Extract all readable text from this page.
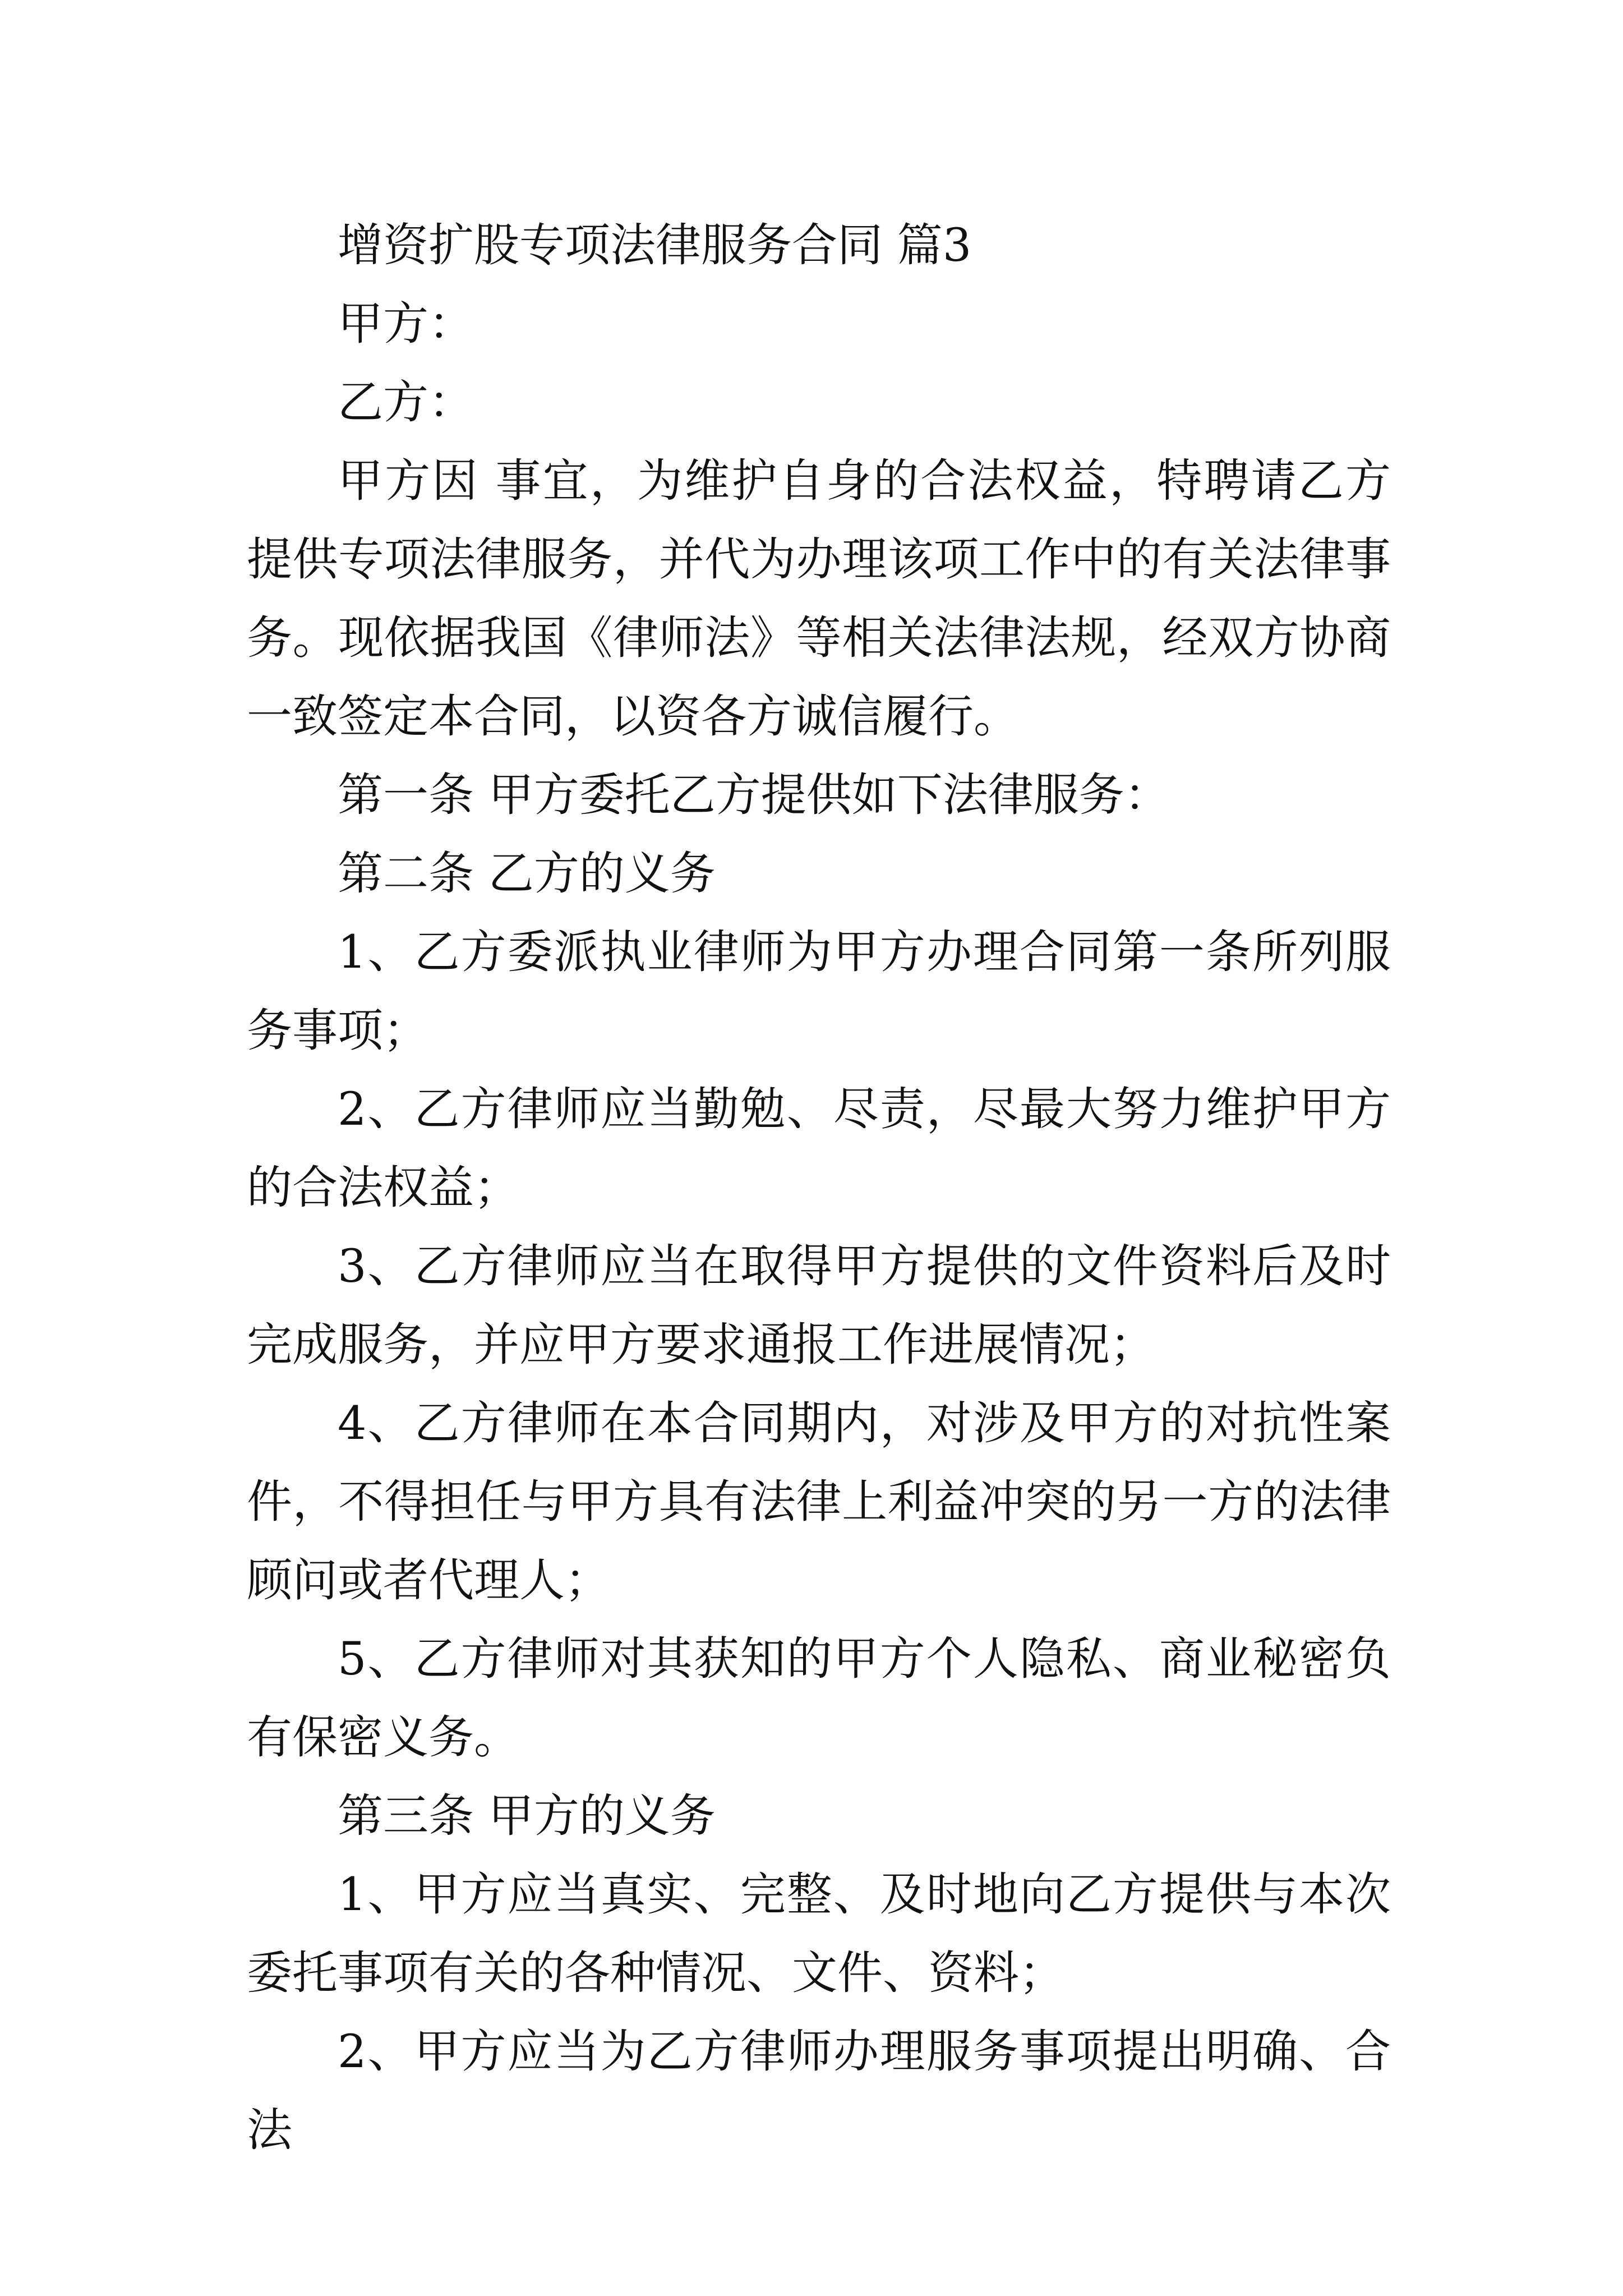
增资扩股专项法律服务合同 篇3

甲方：

乙方：

甲方因 事宜，为维护自身的合法权益，特聘请乙方提供专项法律服务，并代为办理该项工作中的有关法律事务。现依据我国《律师法》等相关法律法规，经双方协商一致签定本合同，以资各方诚信履行。

第一条 甲方委托乙方提供如下法律服务：

第二条 乙方的义务

1、乙方委派执业律师为甲方办理合同第一条所列服务事项；

2、乙方律师应当勤勉、尽责，尽最大努力维护甲方的合法权益；

3、乙方律师应当在取得甲方提供的文件资料后及时完成服务，并应甲方要求通报工作进展情况；

4、乙方律师在本合同期内，对涉及甲方的对抗性案件，不得担任与甲方具有法律上利益冲突的另一方的法律顾问或者代理人；

5、乙方律师对其获知的甲方个人隐私、商业秘密负有保密义务。

第三条 甲方的义务

1、甲方应当真实、完整、及时地向乙方提供与本次委托事项有关的各种情况、文件、资料；

2、甲方应当为乙方律师办理服务事项提出明确、合法
